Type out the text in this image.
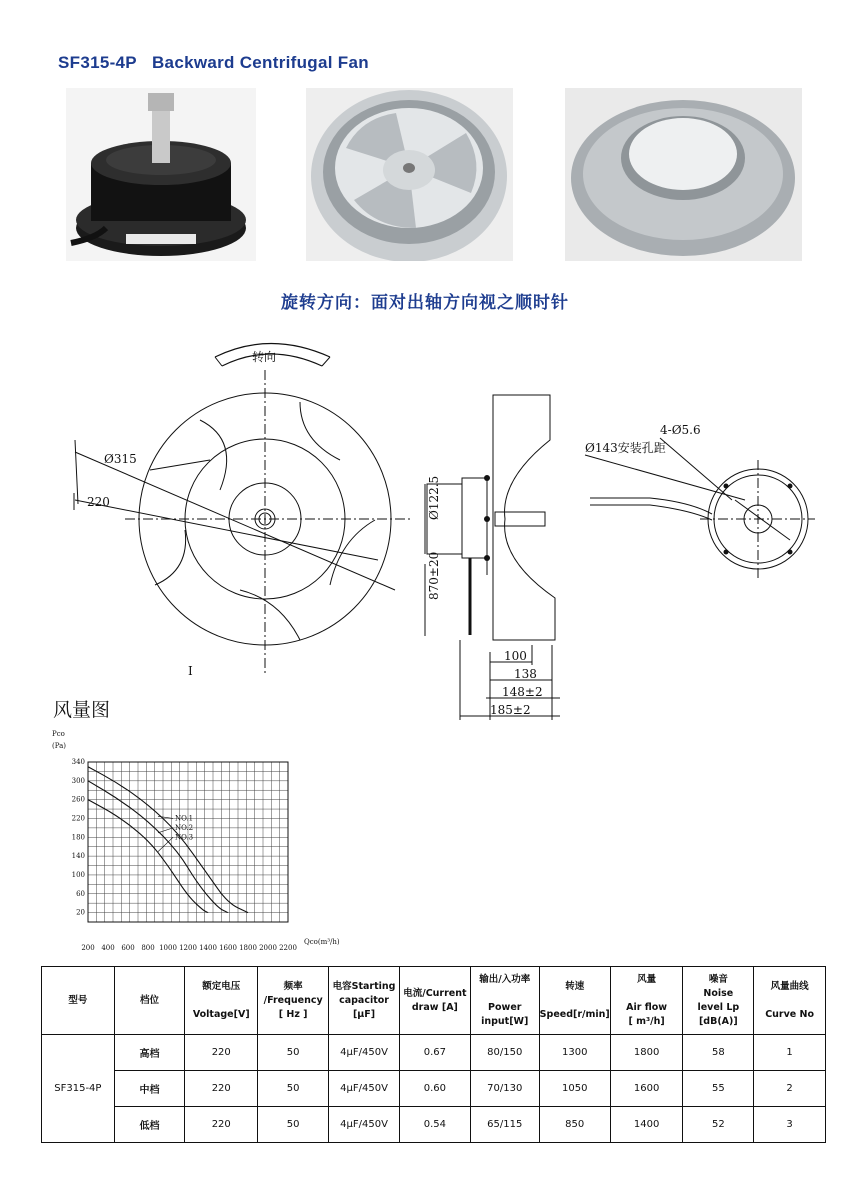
SF315-4P Backward Centrifugal Fan
旋转方向：面对出轴方向视之顺时针
转向
Ø315
220	Ø122.5
870±20
100
138
148±2
185±2
Ø143安装孔距
4-Ø5.6
I
风量图
20
60
100
140
180
220
260
300
340
200 400 600 800 1000 1200 1400 1600 1800 2000 2200
Pco
(Pa)
Qco(m³/h)
NO.1
NO.2
NO.3
型号	档位	额定电压

Voltage[V]	频率
/Frequency
[ Hz ]	电容Starting
capacitor
[μF]	电流/Current
draw [A]	输出/入功率

Power
input[W]	转速

Speed[r/min]	风量

Air flow
[ m³/h]	噪音
Noise
level Lp
[dB(A)]	风量曲线

Curve No
SF315-4P	高档	220	50	4μF/450V	0.67	80/150	1300	1800	58	1
	中档	220	50	4μF/450V	0.60	70/130	1050	1600	55	2
	低档	220	50	4μF/450V	0.54	65/115	850	1400	52	3
